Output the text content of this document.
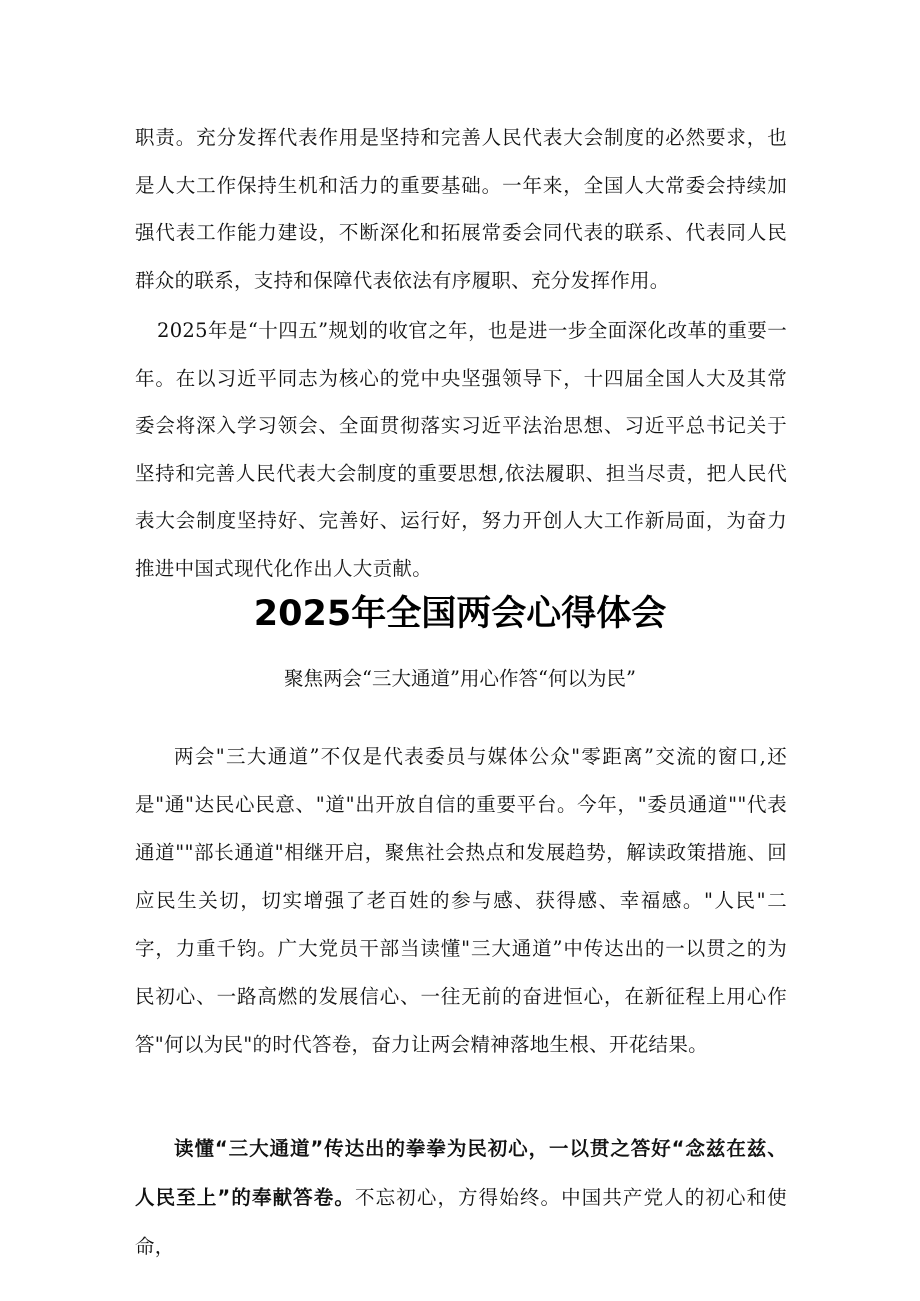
职责。充分发挥代表作用是坚持和完善人民代表大会制度的必然要求，也是人大工作保持生机和活力的重要基础。一年来，全国人大常委会持续加强代表工作能力建设，不断深化和拓展常委会同代表的联系、代表同人民群众的联系，支持和保障代表依法有序履职、充分发挥作用。

2025年是“十四五”规划的收官之年，也是进一步全面深化改革的重要一年。在以习近平同志为核心的党中央坚强领导下，十四届全国人大及其常委会将深入学习领会、全面贯彻落实习近平法治思想、习近平总书记关于坚持和完善人民代表大会制度的重要思想,依法履职、担当尽责，把人民代表大会制度坚持好、完善好、运行好，努力开创人大工作新局面，为奋力推进中国式现代化作出人大贡献。

2025年全国两会心得体会

聚焦两会“三大通道”用心作答“何以为民”

两会"三大通道”不仅是代表委员与媒体公众"零距离”交流的窗口,还是"通"达民心民意、"道"出开放自信的重要平台。今年，"委员通道""代表通道""部长通道"相继开启，聚焦社会热点和发展趋势，解读政策措施、回应民生关切，切实增强了老百姓的参与感、获得感、幸福感。"人民"二字，力重千钧。广大党员干部当读懂"三大通道”中传达出的一以贯之的为民初心、一路高燃的发展信心、一往无前的奋进恒心，在新征程上用心作答"何以为民"的时代答卷，奋力让两会精神落地生根、开花结果。

读懂“三大通道”传达出的拳拳为民初心，一以贯之答好“念兹在兹、人民至上”的奉献答卷。不忘初心，方得始终。中国共产党人的初心和使命，
